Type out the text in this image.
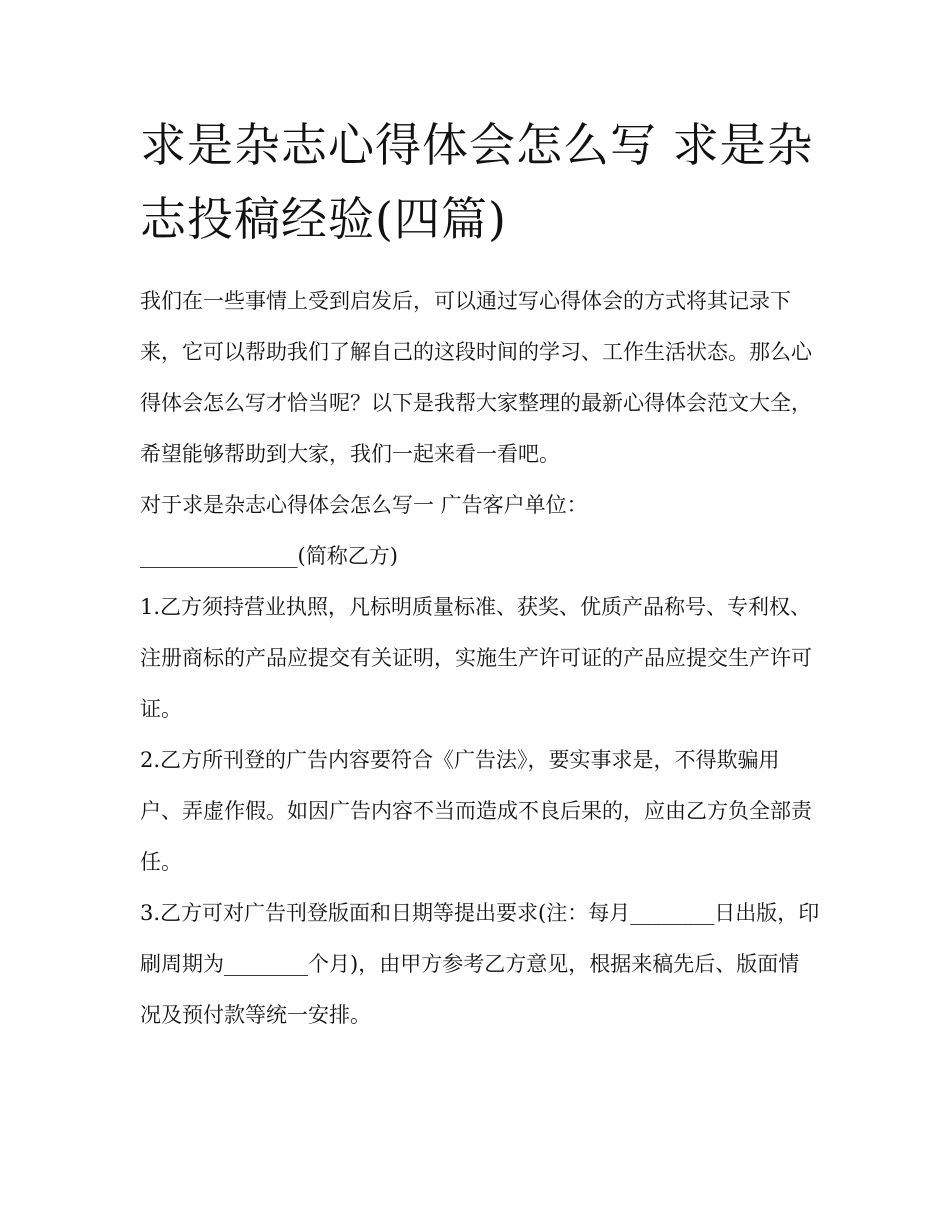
求是杂志心得体会怎么写 求是杂志投稿经验(四篇)

我们在一些事情上受到启发后，可以通过写心得体会的方式将其记录下来，它可以帮助我们了解自己的这段时间的学习、工作生活状态。那么心得体会怎么写才恰当呢？以下是我帮大家整理的最新心得体会范文大全，希望能够帮助到大家，我们一起来看一看吧。

对于求是杂志心得体会怎么写一 广告客户单位：

_______________(简称乙方)

1.乙方须持营业执照，凡标明质量标准、获奖、优质产品称号、专利权、注册商标的产品应提交有关证明，实施生产许可证的产品应提交生产许可证。

2.乙方所刊登的广告内容要符合《广告法》，要实事求是，不得欺骗用户、弄虚作假。如因广告内容不当而造成不良后果的，应由乙方负全部责任。

3.乙方可对广告刊登版面和日期等提出要求(注：每月________日出版，印刷周期为________个月)，由甲方参考乙方意见，根据来稿先后、版面情况及预付款等统一安排。
